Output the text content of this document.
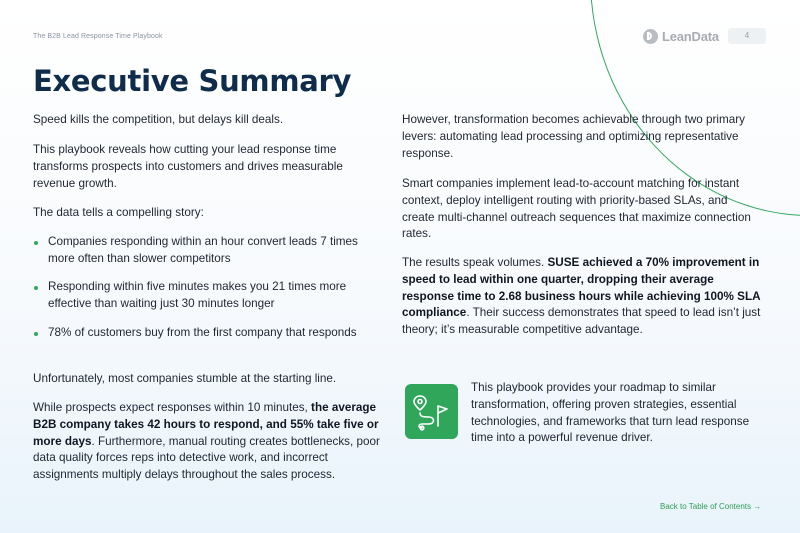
The B2B Lead Response Time Playbook	LeanData	4
Executive Summary

Speed kills the competition, but delays kill deals.

This playbook reveals how cutting your lead response time transforms prospects into customers and drives measurable revenue growth.

The data tells a compelling story:

Companies responding within an hour convert leads 7 times more often than slower competitors
Responding within five minutes makes you 21 times more effective than waiting just 30 minutes longer
78% of customers buy from the first company that responds

Unfortunately, most companies stumble at the starting line.

While prospects expect responses within 10 minutes, the average B2B company takes 42 hours to respond, and 55% take five or more days. Furthermore, manual routing creates bottlenecks, poor data quality forces reps into detective work, and incorrect assignments multiply delays throughout the sales process.

However, transformation becomes achievable through two primary levers: automating lead processing and optimizing representative response.

Smart companies implement lead-to-account matching for instant context, deploy intelligent routing with priority-based SLAs, and create multi-channel outreach sequences that maximize connection rates.

The results speak volumes. SUSE achieved a 70% improvement in speed to lead within one quarter, dropping their average response time to 2.68 business hours while achieving 100% SLA compliance. Their success demonstrates that speed to lead isn’t just theory; it’s measurable competitive advantage.

This playbook provides your roadmap to similar transformation, offering proven strategies, essential technologies, and frameworks that turn lead response time into a powerful revenue driver.

Back to Table of Contents →
